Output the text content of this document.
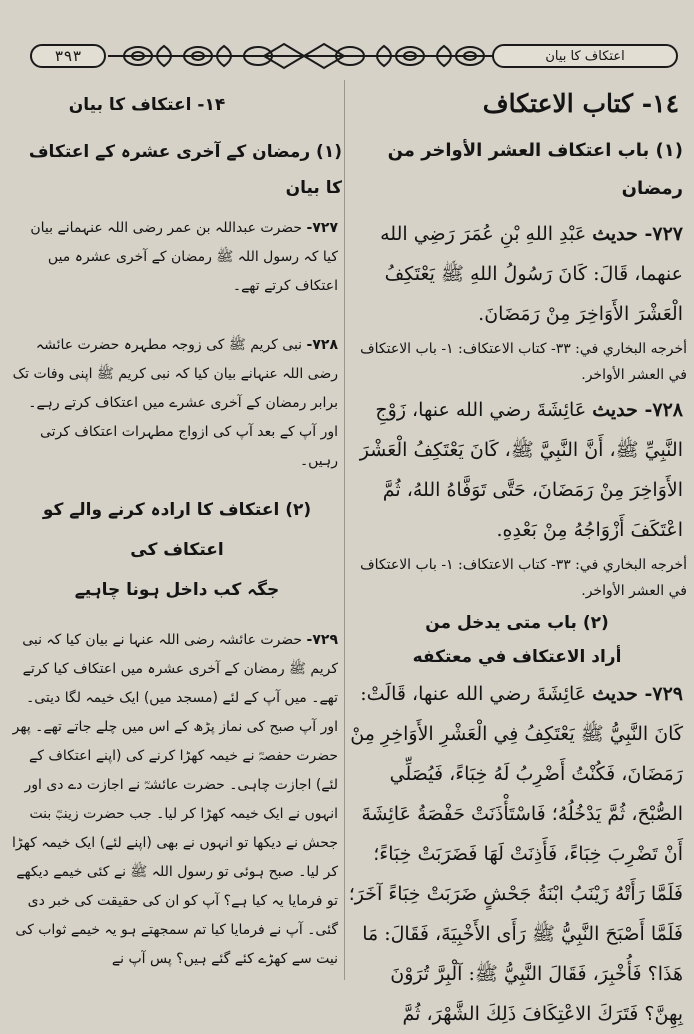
۳۹۳	اعتکاف کا بیان
١٤- كتاب الاعتكاف
(١) باب اعتكاف العشر الأواخر من رمضان
٧٢٧- حديث عَبْدِ اللهِ بْنِ عُمَرَ رَضِي الله عنهما، قَالَ: كَانَ رَسُولُ اللهِ ﷺ يَعْتَكِفُ الْعَشْرَ الأَوَاخِرَ مِنْ رَمَضَانَ.
أخرجه البخاري في: ٣٣- كتاب الاعتكاف: ١- باب الاعتكاف في العشر الأواخر.
٧٢٨- حديث عَائِشَةَ رضي الله عنها، زَوْجِ النَّبِيِّ ﷺ، أَنَّ النَّبِيَّ ﷺ، كَانَ يَعْتَكِفُ الْعَشْرَ الأَوَاخِرَ مِنْ رَمَضَانَ، حَتَّى تَوَفَّاهُ اللهُ، ثُمَّ اعْتَكَفَ أَزْوَاجُهُ مِنْ بَعْدِهِ.
أخرجه البخاري في: ٣٣- كتاب الاعتكاف: ١- باب الاعتكاف في العشر الأواخر.
(٢) باب متى يدخل من
أراد الاعتكاف في معتكفه
٧٢٩- حديث عَائِشَةَ رضي الله عنها، قَالَتْ: كَانَ النَّبِيُّ ﷺ يَعْتَكِفُ فِي الْعَشْرِ الأَوَاخِرِ مِنْ رَمَضَانَ، فَكُنْتُ أَضْرِبُ لَهُ خِبَاءً، فَيُصَلِّي الصُّبْحَ، ثُمَّ يَدْخُلُهُ؛ فَاسْتَأْذَنَتْ حَفْصَةُ عَائِشَةَ أَنْ تَضْرِبَ خِبَاءً، فَأَذِنَتْ لَهَا فَضَرَبَتْ خِبَاءً؛ فَلَمَّا رَأَتْهُ زَيْنَبُ ابْنَةُ جَحْشٍ ضَرَبَتْ خِبَاءً آخَرَ؛ فَلَمَّا أَصْبَحَ النَّبِيُّ ﷺ رَأَى الأَخْبِيَةَ، فَقَالَ: مَا هَذَا؟ فَأُخْبِرَ، فَقَالَ النَّبِيُّ ﷺ: آلْبِرَّ تُرَوْنَ بِهِنَّ؟ فَتَرَكَ الاعْتِكَافَ ذَلِكَ الشَّهْرَ، ثُمَّ
۱۴- اعتکاف کا بیان
(۱) رمضان کے آخری عشرہ کے اعتکاف کا بیان
۷۲۷- حضرت عبداللہ بن عمر رضی اللہ عنہمانے بیان کیا کہ رسول اللہ ﷺ رمضان کے آخری عشرہ میں اعتکاف کرتے تھے۔
۷۲۸- نبی کریم ﷺ کی زوجہ مطہرہ حضرت عائشہ رضی اللہ عنہانے بیان کیا کہ نبی کریم ﷺ اپنی وفات تک برابر رمضان کے آخری عشرے میں اعتکاف کرتے رہے۔ اور آپ کے بعد آپ کی ازواج مطہرات اعتکاف کرتی رہیں۔
(۲) اعتکاف کا ارادہ کرنے والے کو اعتکاف کی
جگہ کب داخل ہونا چاہیے
۷۲۹- حضرت عائشہ رضی اللہ عنہا نے بیان کیا کہ نبی کریم ﷺ رمضان کے آخری عشرہ میں اعتکاف کیا کرتے تھے۔ میں آپ کے لئے (مسجد میں) ایک خیمہ لگا دیتی۔ اور آپ صبح کی نماز پڑھ کے اس میں چلے جاتے تھے۔ پھر حضرت حفصہؓ نے خیمہ کھڑا کرنے کی (اپنے اعتکاف کے لئے) اجازت چاہی۔ حضرت عائشہؓ نے اجازت دے دی اور انہوں نے ایک خیمہ کھڑا کر لیا۔ جب حضرت زینبؓ بنت جحش نے دیکھا تو انہوں نے بھی (اپنے لئے) ایک خیمہ کھڑا کر لیا۔ صبح ہوئی تو رسول اللہ ﷺ نے کئی خیمے دیکھے تو فرمایا یہ کیا ہے؟ آپ کو ان کی حقیقت کی خبر دی گئی۔ آپ نے فرمایا کیا تم سمجھتے ہو یہ خیمے ثواب کی نیت سے کھڑے کئے گئے ہیں؟ پس آپ نے
